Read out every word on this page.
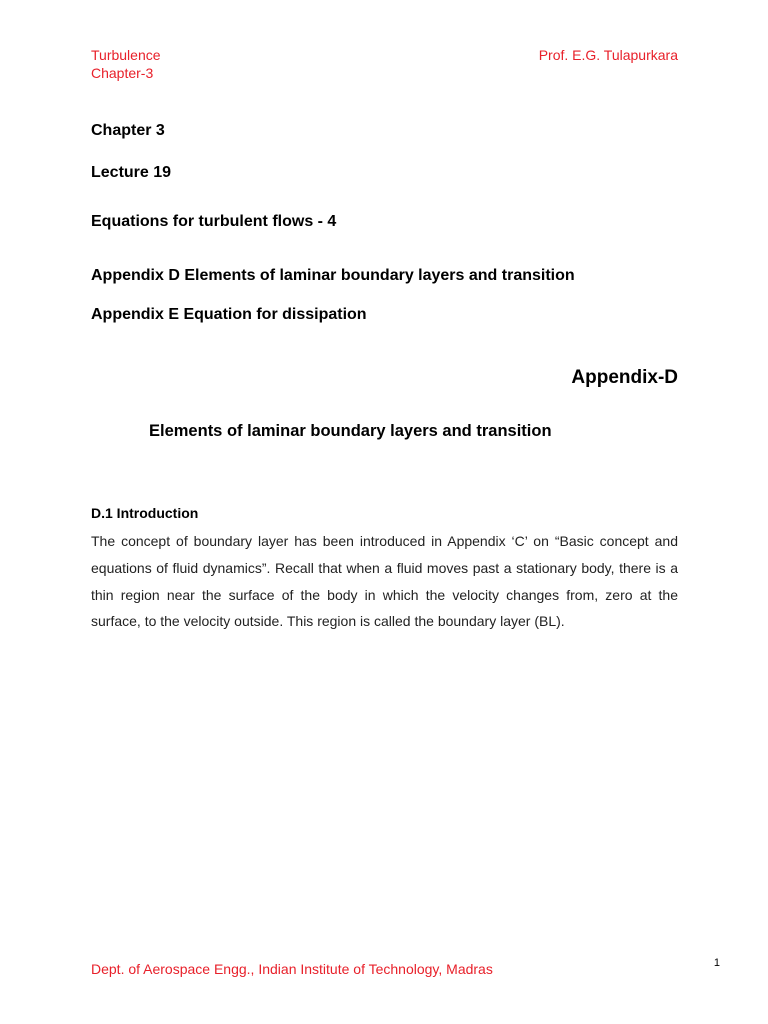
Turbulence
Chapter-3
Prof. E.G. Tulapurkara
Chapter 3
Lecture 19
Equations for turbulent flows - 4
Appendix D Elements of laminar boundary layers and transition
Appendix E Equation for dissipation
Appendix-D
Elements of laminar boundary layers and transition
D.1 Introduction
The concept of boundary layer has been introduced in Appendix ‘C’ on “Basic concept and equations of fluid dynamics”. Recall that when a fluid moves past a stationary body, there is a thin region near the surface of the body in which the velocity changes from, zero at the surface, to the velocity outside. This region is called the boundary layer (BL).
Dept. of Aerospace Engg., Indian Institute of Technology, Madras	1
